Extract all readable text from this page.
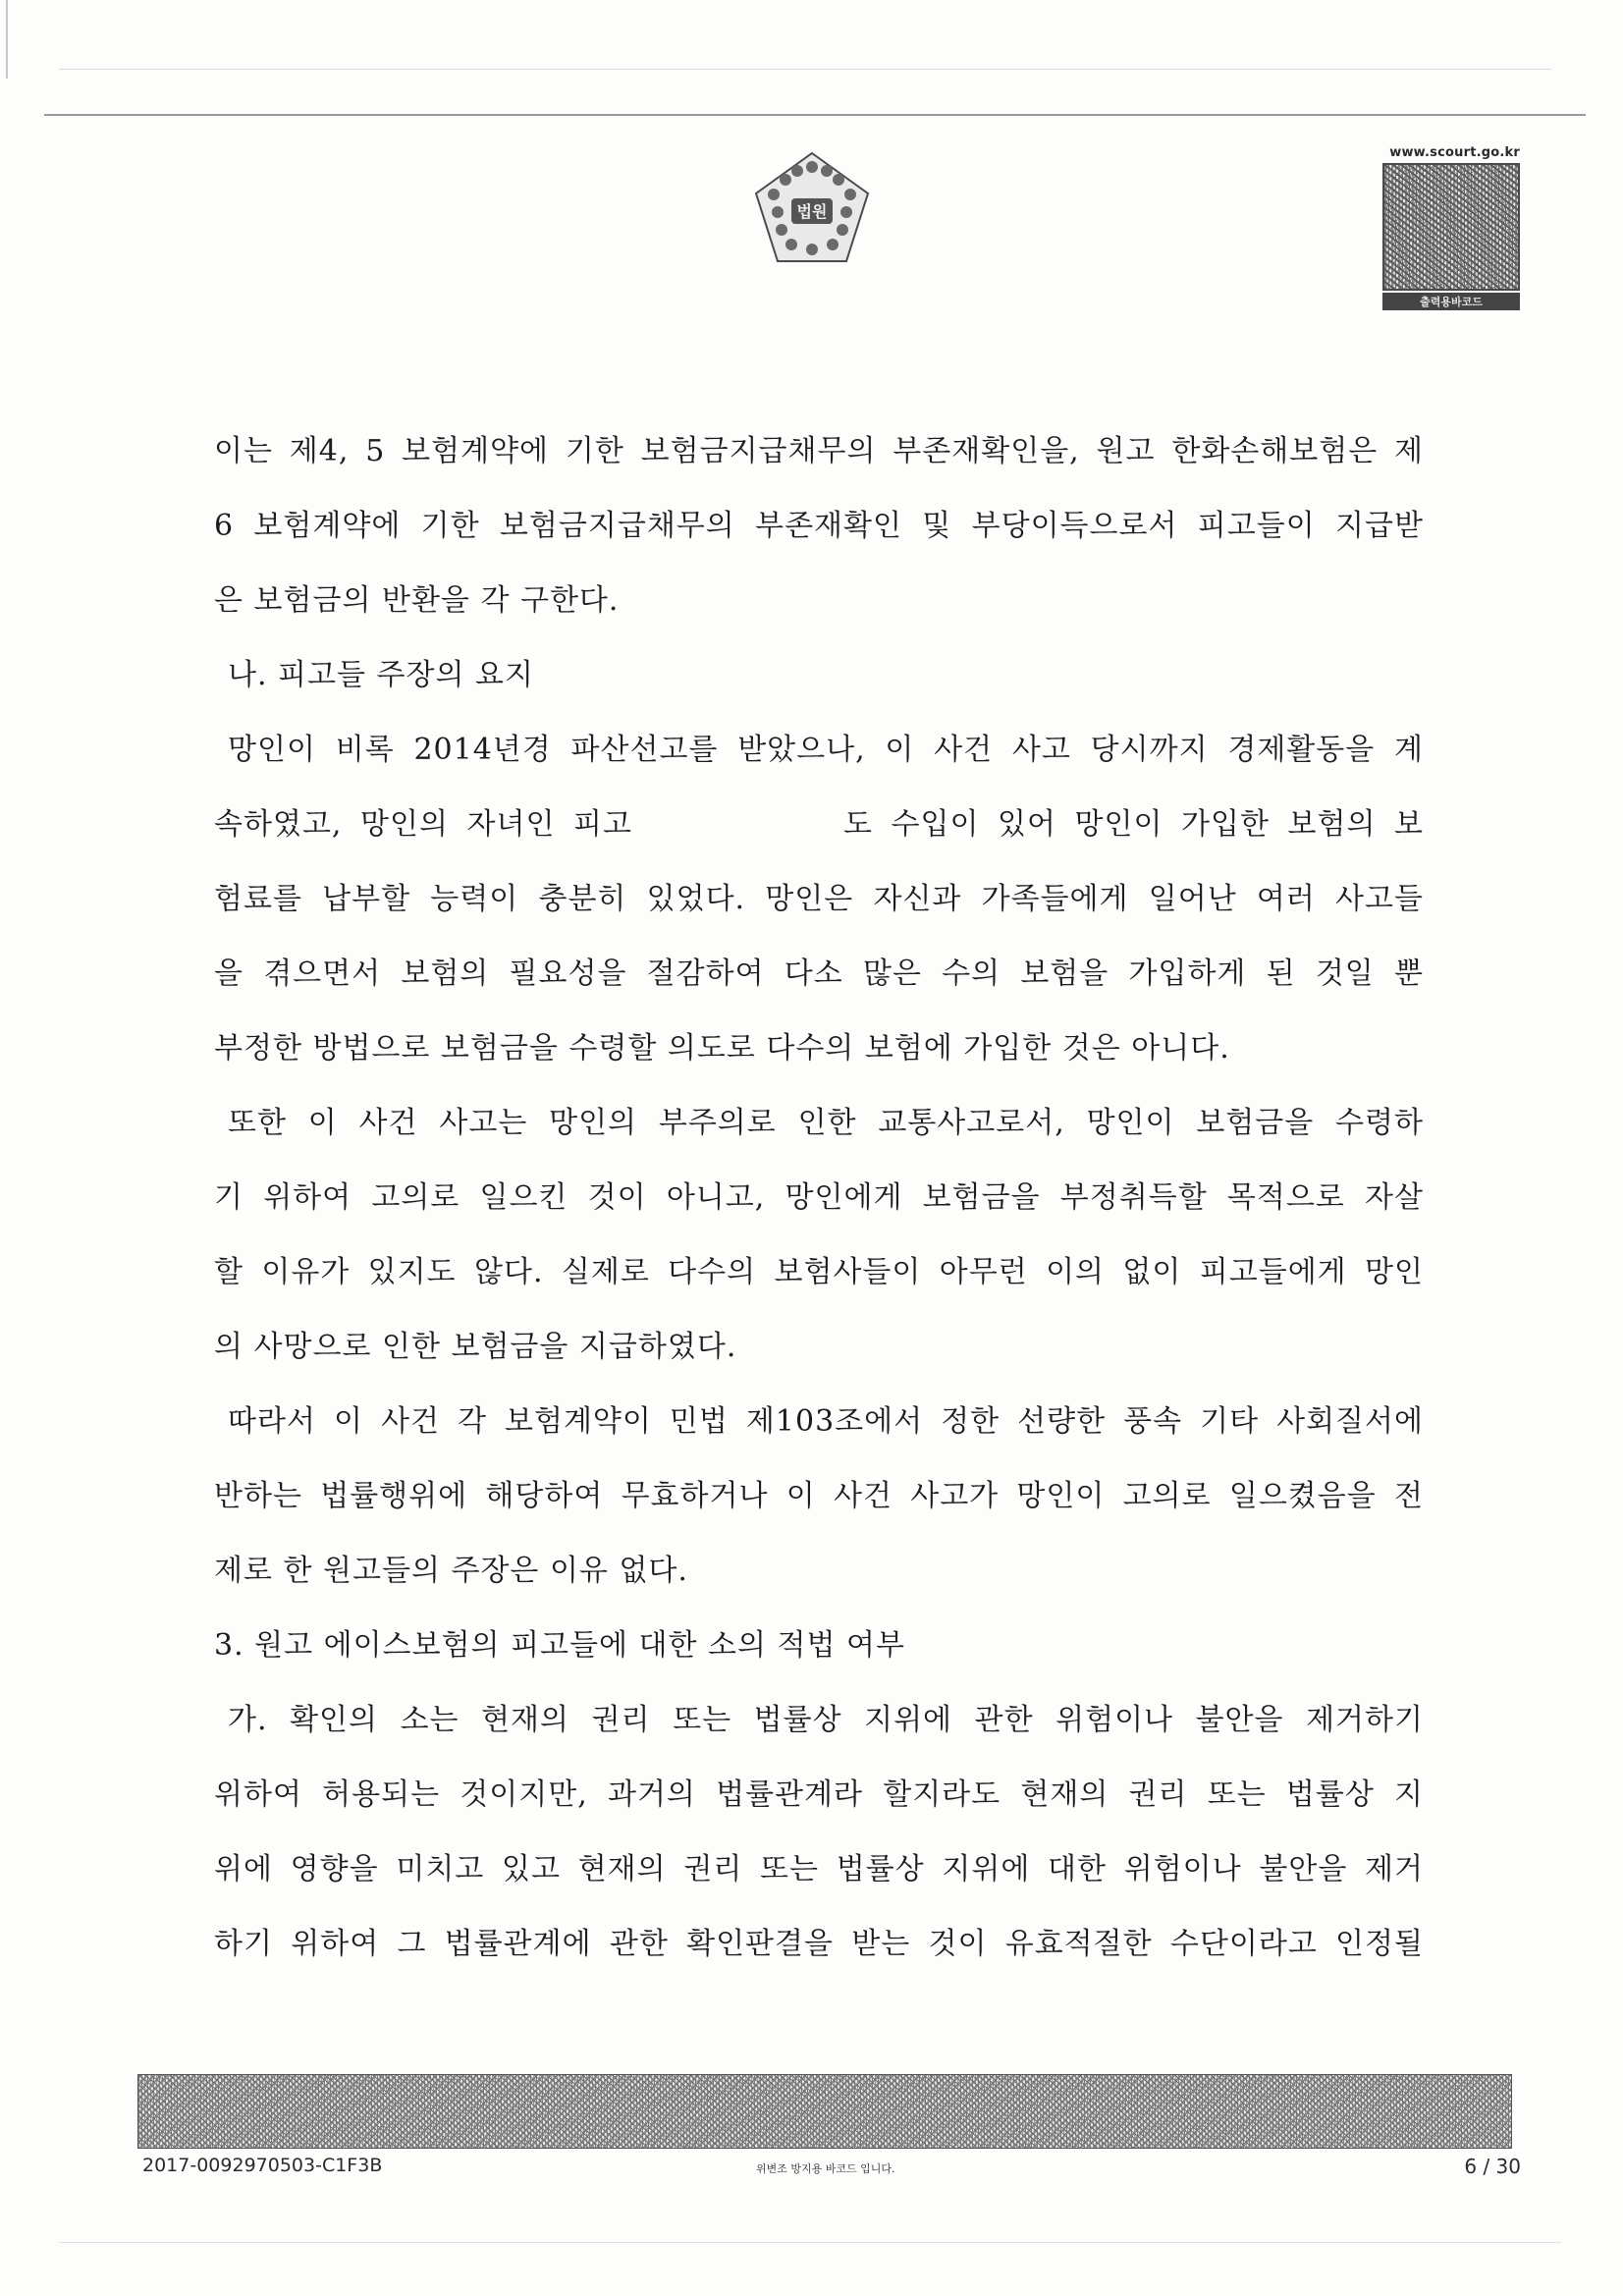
법원
www.scourt.go.kr
출력용바코드
이는 제4, 5 보험계약에 기한 보험금지급채무의 부존재확인을, 원고 한화손해보험은 제
6 보험계약에 기한 보험금지급채무의 부존재확인 및 부당이득으로서 피고들이 지급받
은 보험금의 반환을 각 구한다.
나. 피고들 주장의 요지
망인이 비록 2014년경 파산선고를 받았으나, 이 사건 사고 당시까지 경제활동을 계
속하였고, 망인의 자녀인 피고	도 수입이 있어 망인이 가입한 보험의 보
험료를 납부할 능력이 충분히 있었다. 망인은 자신과 가족들에게 일어난 여러 사고들
을 겪으면서 보험의 필요성을 절감하여 다소 많은 수의 보험을 가입하게 된 것일 뿐
부정한 방법으로 보험금을 수령할 의도로 다수의 보험에 가입한 것은 아니다.
또한 이 사건 사고는 망인의 부주의로 인한 교통사고로서, 망인이 보험금을 수령하
기 위하여 고의로 일으킨 것이 아니고, 망인에게 보험금을 부정취득할 목적으로 자살
할 이유가 있지도 않다. 실제로 다수의 보험사들이 아무런 이의 없이 피고들에게 망인
의 사망으로 인한 보험금을 지급하였다.
따라서 이 사건 각 보험계약이 민법 제103조에서 정한 선량한 풍속 기타 사회질서에
반하는 법률행위에 해당하여 무효하거나 이 사건 사고가 망인이 고의로 일으켰음을 전
제로 한 원고들의 주장은 이유 없다.
3. 원고 에이스보험의 피고들에 대한 소의 적법 여부
가. 확인의 소는 현재의 권리 또는 법률상 지위에 관한 위험이나 불안을 제거하기
위하여 허용되는 것이지만, 과거의 법률관계라 할지라도 현재의 권리 또는 법률상 지
위에 영향을 미치고 있고 현재의 권리 또는 법률상 지위에 대한 위험이나 불안을 제거
하기 위하여 그 법률관계에 관한 확인판결을 받는 것이 유효적절한 수단이라고 인정될
2017-0092970503-C1F3B	위변조 방지용 바코드 입니다.	6 / 30
